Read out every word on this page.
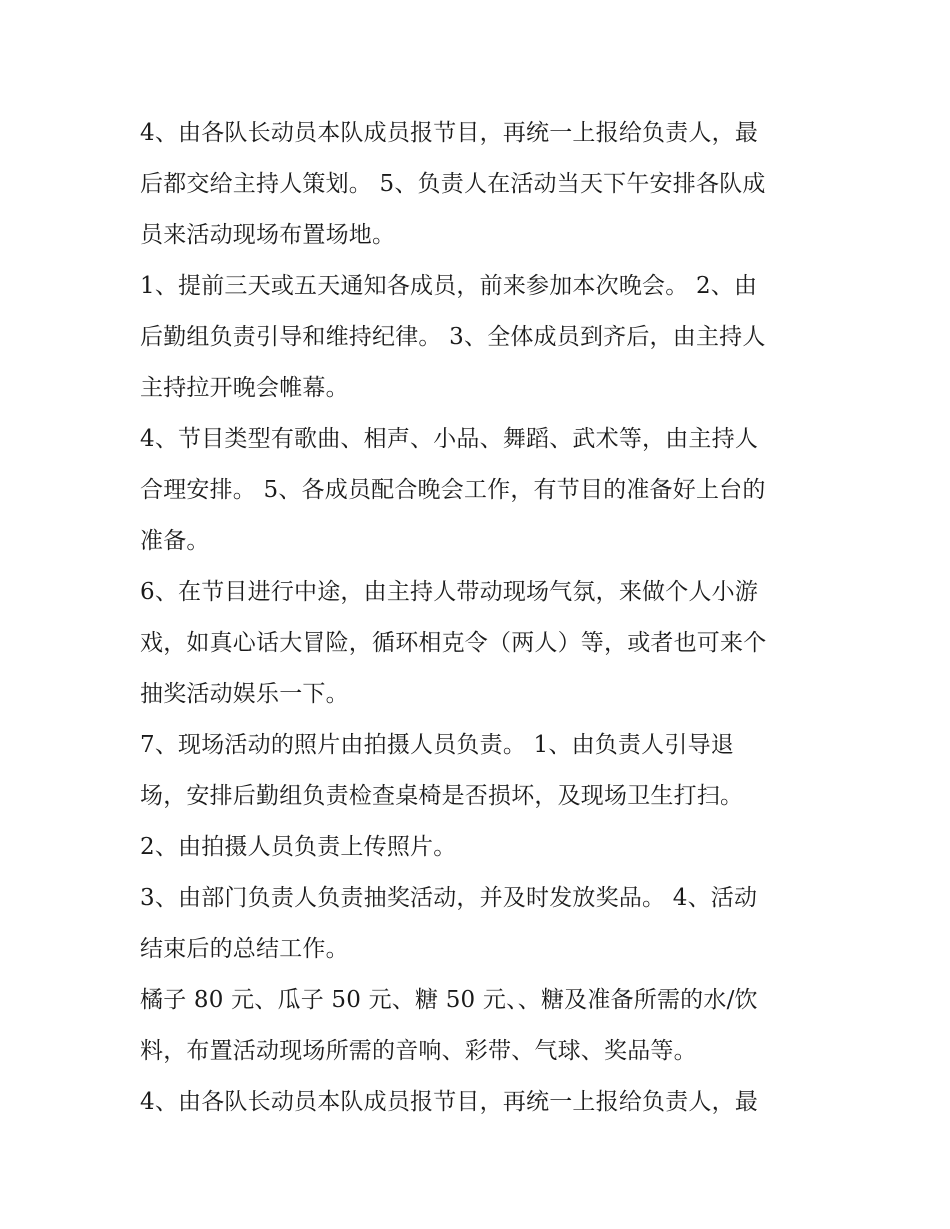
4、由各队长动员本队成员报节目，再统一上报给负责人，最
后都交给主持人策划。 5、负责人在活动当天下午安排各队成
员来活动现场布置场地。
1、提前三天或五天通知各成员，前来参加本次晚会。 2、由
后勤组负责引导和维持纪律。 3、全体成员到齐后，由主持人
主持拉开晚会帷幕。
4、节目类型有歌曲、相声、小品、舞蹈、武术等，由主持人
合理安排。 5、各成员配合晚会工作，有节目的准备好上台的
准备。
6、在节目进行中途，由主持人带动现场气氛，来做个人小游
戏，如真心话大冒险，循环相克令（两人）等，或者也可来个
抽奖活动娱乐一下。
7、现场活动的照片由拍摄人员负责。 1、由负责人引导退
场，安排后勤组负责检查桌椅是否损坏，及现场卫生打扫。
2、由拍摄人员负责上传照片。
3、由部门负责人负责抽奖活动，并及时发放奖品。 4、活动
结束后的总结工作。
橘子 80 元、瓜子 50 元、糖 50 元、、糖及准备所需的水/饮
料，布置活动现场所需的音响、彩带、气球、奖品等。
4、由各队长动员本队成员报节目，再统一上报给负责人，最
